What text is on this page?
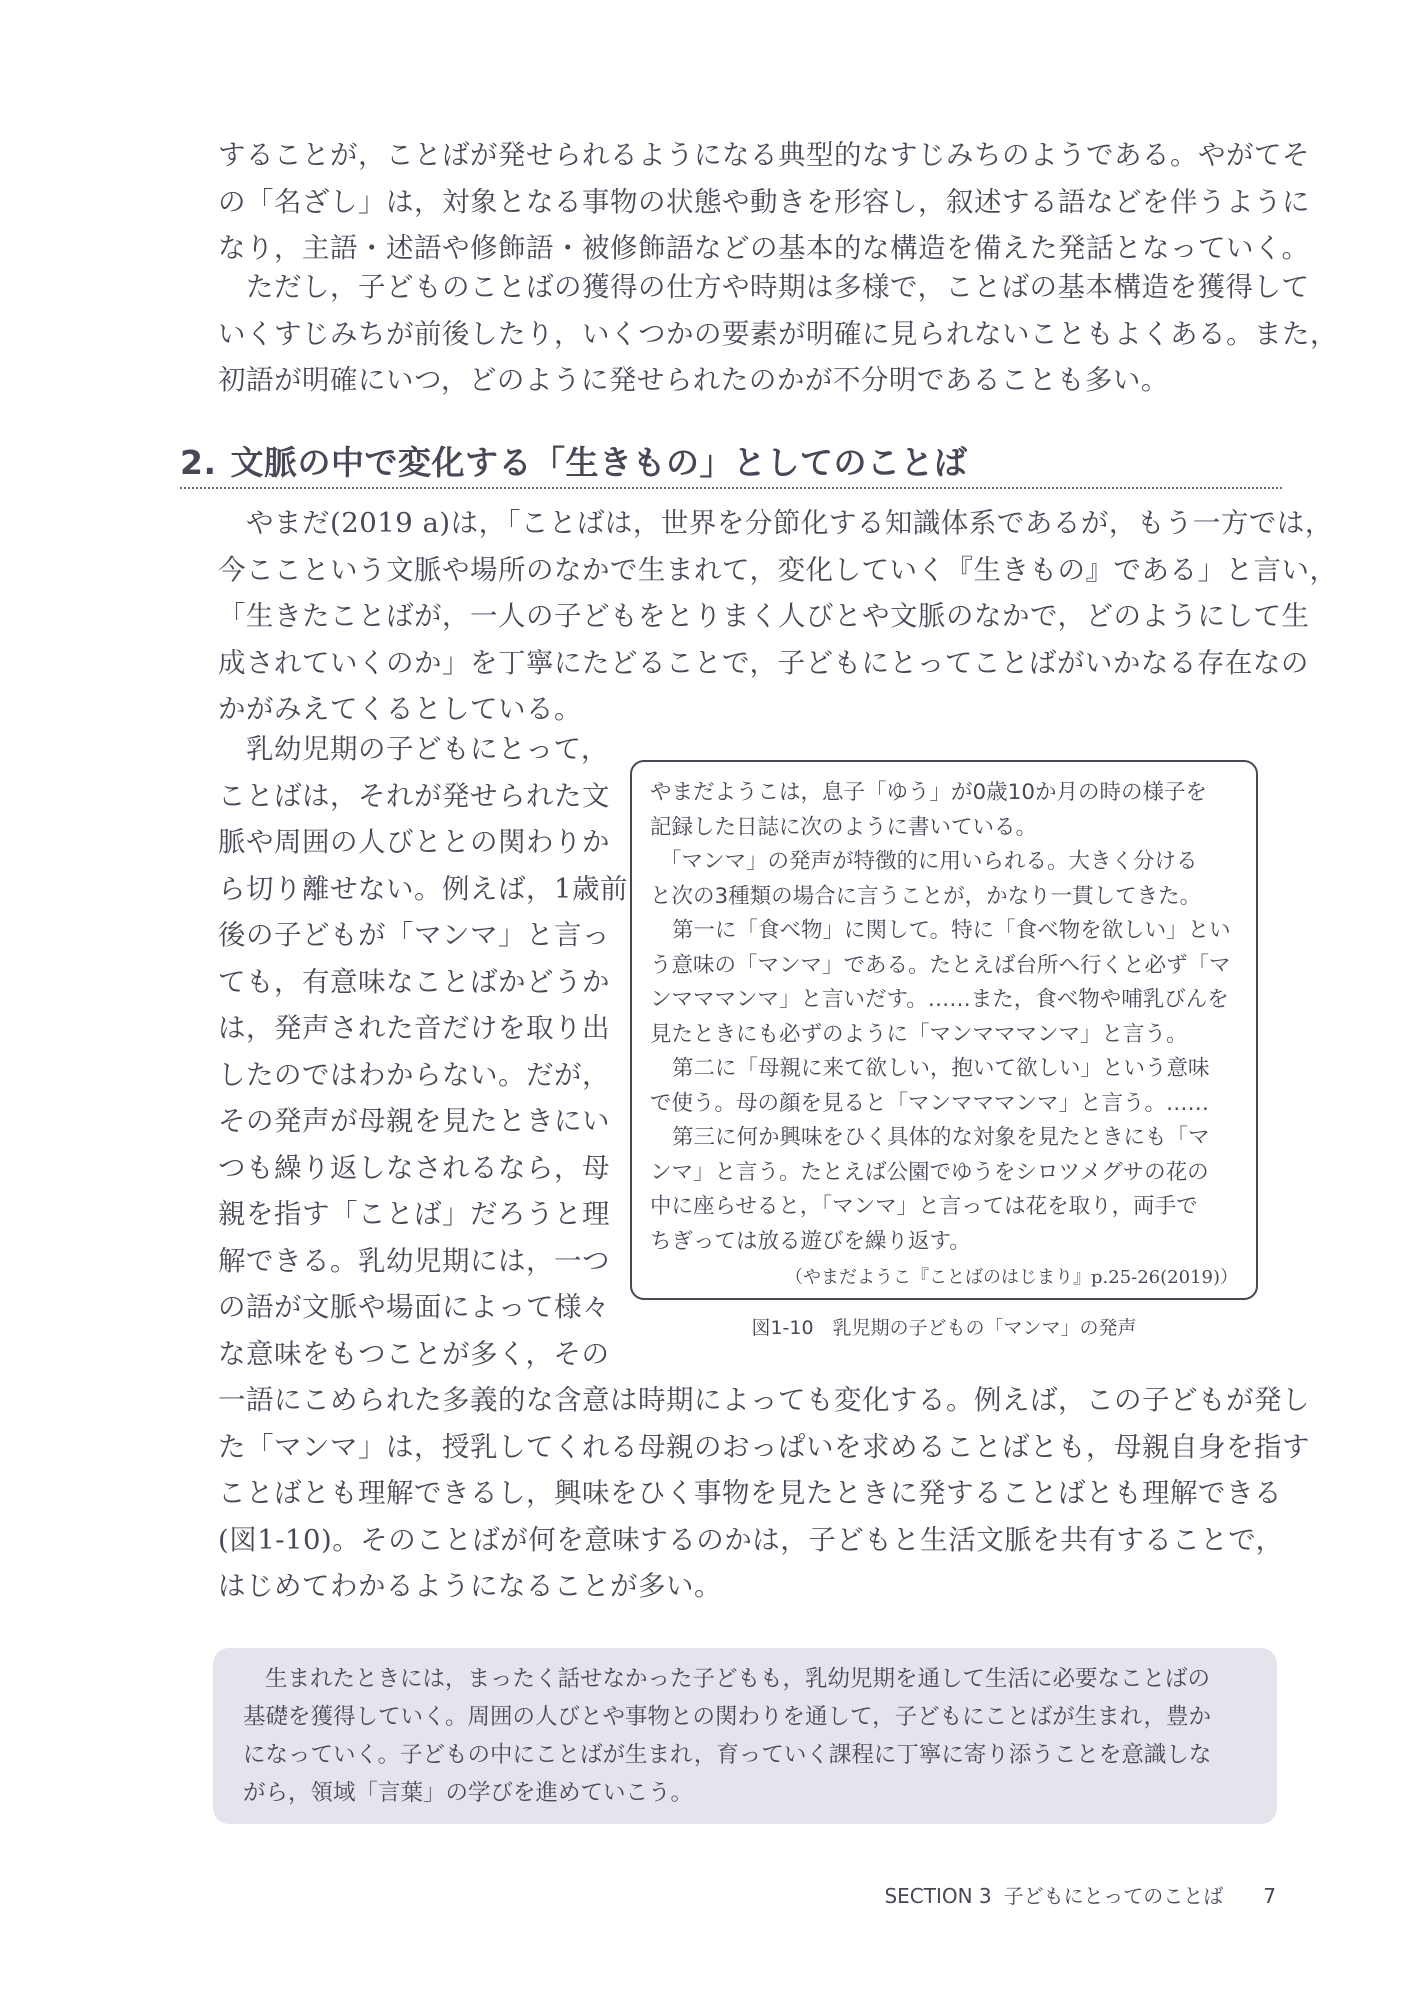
することが，ことばが発せられるようになる典型的なすじみちのようである。やがてそ
の「名ざし」は，対象となる事物の状態や動きを形容し，叙述する語などを伴うように
なり，主語・述語や修飾語・被修飾語などの基本的な構造を備えた発話となっていく。
ただし，子どものことばの獲得の仕方や時期は多様で，ことばの基本構造を獲得して
いくすじみちが前後したり，いくつかの要素が明確に見られないこともよくある。また，
初語が明確にいつ，どのように発せられたのかが不分明であることも多い。
2. 文脈の中で変化する「生きもの」としてのことば
やまだ(2019 a)は，「ことばは，世界を分節化する知識体系であるが，もう一方では，
今ここという文脈や場所のなかで生まれて，変化していく『生きもの』である」と言い，
「生きたことばが，一人の子どもをとりまく人びとや文脈のなかで，どのようにして生
成されていくのか」を丁寧にたどることで，子どもにとってことばがいかなる存在なの
かがみえてくるとしている。
乳幼児期の子どもにとって，
ことばは，それが発せられた文
脈や周囲の人びととの関わりか
ら切り離せない。例えば，1歳前
後の子どもが「マンマ」と言っ
ても，有意味なことばかどうか
は，発声された音だけを取り出
したのではわからない。だが，
その発声が母親を見たときにい
つも繰り返しなされるなら，母
親を指す「ことば」だろうと理
解できる。乳幼児期には，一つ
の語が文脈や場面によって様々
な意味をもつことが多く，その
やまだようこは，息子「ゆう」が0歳10か月の時の様子を
記録した日誌に次のように書いている。
「マンマ」の発声が特徴的に用いられる。大きく分ける
と次の3種類の場合に言うことが，かなり一貫してきた。
第一に「食べ物」に関して。特に「食べ物を欲しい」とい
う意味の「マンマ」である。たとえば台所へ行くと必ず「マ
ンマママンマ」と言いだす。……また，食べ物や哺乳びんを
見たときにも必ずのように「マンマママンマ」と言う。
第二に「母親に来て欲しい，抱いて欲しい」という意味
で使う。母の顔を見ると「マンマママンマ」と言う。……
第三に何か興味をひく具体的な対象を見たときにも「マ
ンマ」と言う。たとえば公園でゆうをシロツメグサの花の
中に座らせると，「マンマ」と言っては花を取り，両手で
ちぎっては放る遊びを繰り返す。
（やまだようこ『ことばのはじまり』p.25-26(2019)）
図1-10　乳児期の子どもの「マンマ」の発声
一語にこめられた多義的な含意は時期によっても変化する。例えば，この子どもが発し
た「マンマ」は，授乳してくれる母親のおっぱいを求めることばとも，母親自身を指す
ことばとも理解できるし，興味をひく事物を見たときに発することばとも理解できる
(図1-10)。そのことばが何を意味するのかは，子どもと生活文脈を共有することで，
はじめてわかるようになることが多い。
生まれたときには，まったく話せなかった子どもも，乳幼児期を通して生活に必要なことばの
基礎を獲得していく。周囲の人びとや事物との関わりを通して，子どもにことばが生まれ，豊か
になっていく。子どもの中にことばが生まれ，育っていく課程に丁寧に寄り添うことを意識しな
がら，領域「言葉」の学びを進めていこう。
SECTION 3 子どもにとってのことば 7
